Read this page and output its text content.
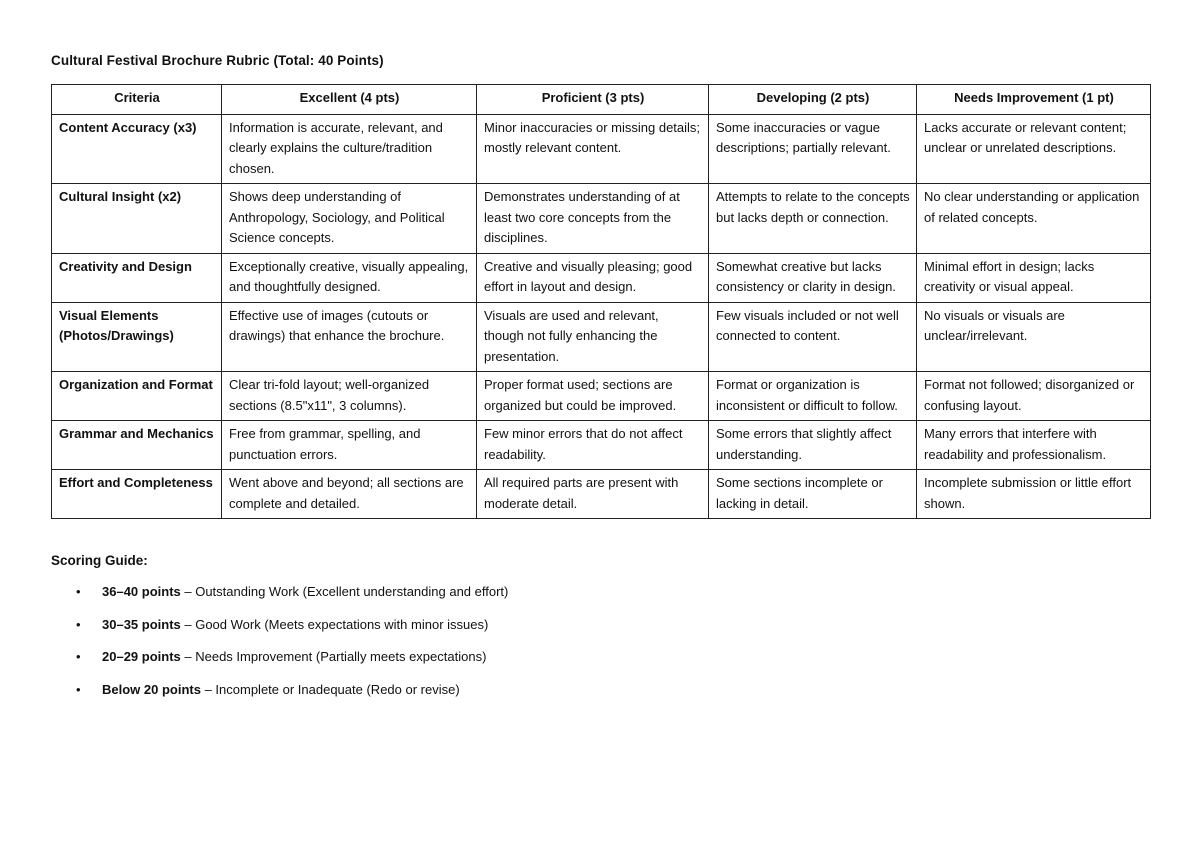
Cultural Festival Brochure Rubric (Total: 40 Points)
Criteria	Excellent (4 pts)	Proficient (3 pts)	Developing (2 pts)	Needs Improvement (1 pt)
Content Accuracy (x3)	Information is accurate, relevant, and clearly explains the culture/tradition chosen.	Minor inaccuracies or missing details; mostly relevant content.	Some inaccuracies or vague descriptions; partially relevant.	Lacks accurate or relevant content; unclear or unrelated descriptions.
Cultural Insight (x2)	Shows deep understanding of Anthropology, Sociology, and Political Science concepts.	Demonstrates understanding of at least two core concepts from the disciplines.	Attempts to relate to the concepts but lacks depth or connection.	No clear understanding or application of related concepts.
Creativity and Design	Exceptionally creative, visually appealing, and thoughtfully designed.	Creative and visually pleasing; good effort in layout and design.	Somewhat creative but lacks consistency or clarity in design.	Minimal effort in design; lacks creativity or visual appeal.
Visual Elements (Photos/Drawings)	Effective use of images (cutouts or drawings) that enhance the brochure.	Visuals are used and relevant, though not fully enhancing the presentation.	Few visuals included or not well connected to content.	No visuals or visuals are unclear/irrelevant.
Organization and Format	Clear tri-fold layout; well-organized sections (8.5"x11", 3 columns).	Proper format used; sections are organized but could be improved.	Format or organization is inconsistent or difficult to follow.	Format not followed; disorganized or confusing layout.
Grammar and Mechanics	Free from grammar, spelling, and punctuation errors.	Few minor errors that do not affect readability.	Some errors that slightly affect understanding.	Many errors that interfere with readability and professionalism.
Effort and Completeness	Went above and beyond; all sections are complete and detailed.	All required parts are present with moderate detail.	Some sections incomplete or lacking in detail.	Incomplete submission or little effort shown.
Scoring Guide:
• 36–40 points – Outstanding Work (Excellent understanding and effort)
• 30–35 points – Good Work (Meets expectations with minor issues)
• 20–29 points – Needs Improvement (Partially meets expectations)
• Below 20 points – Incomplete or Inadequate (Redo or revise)
